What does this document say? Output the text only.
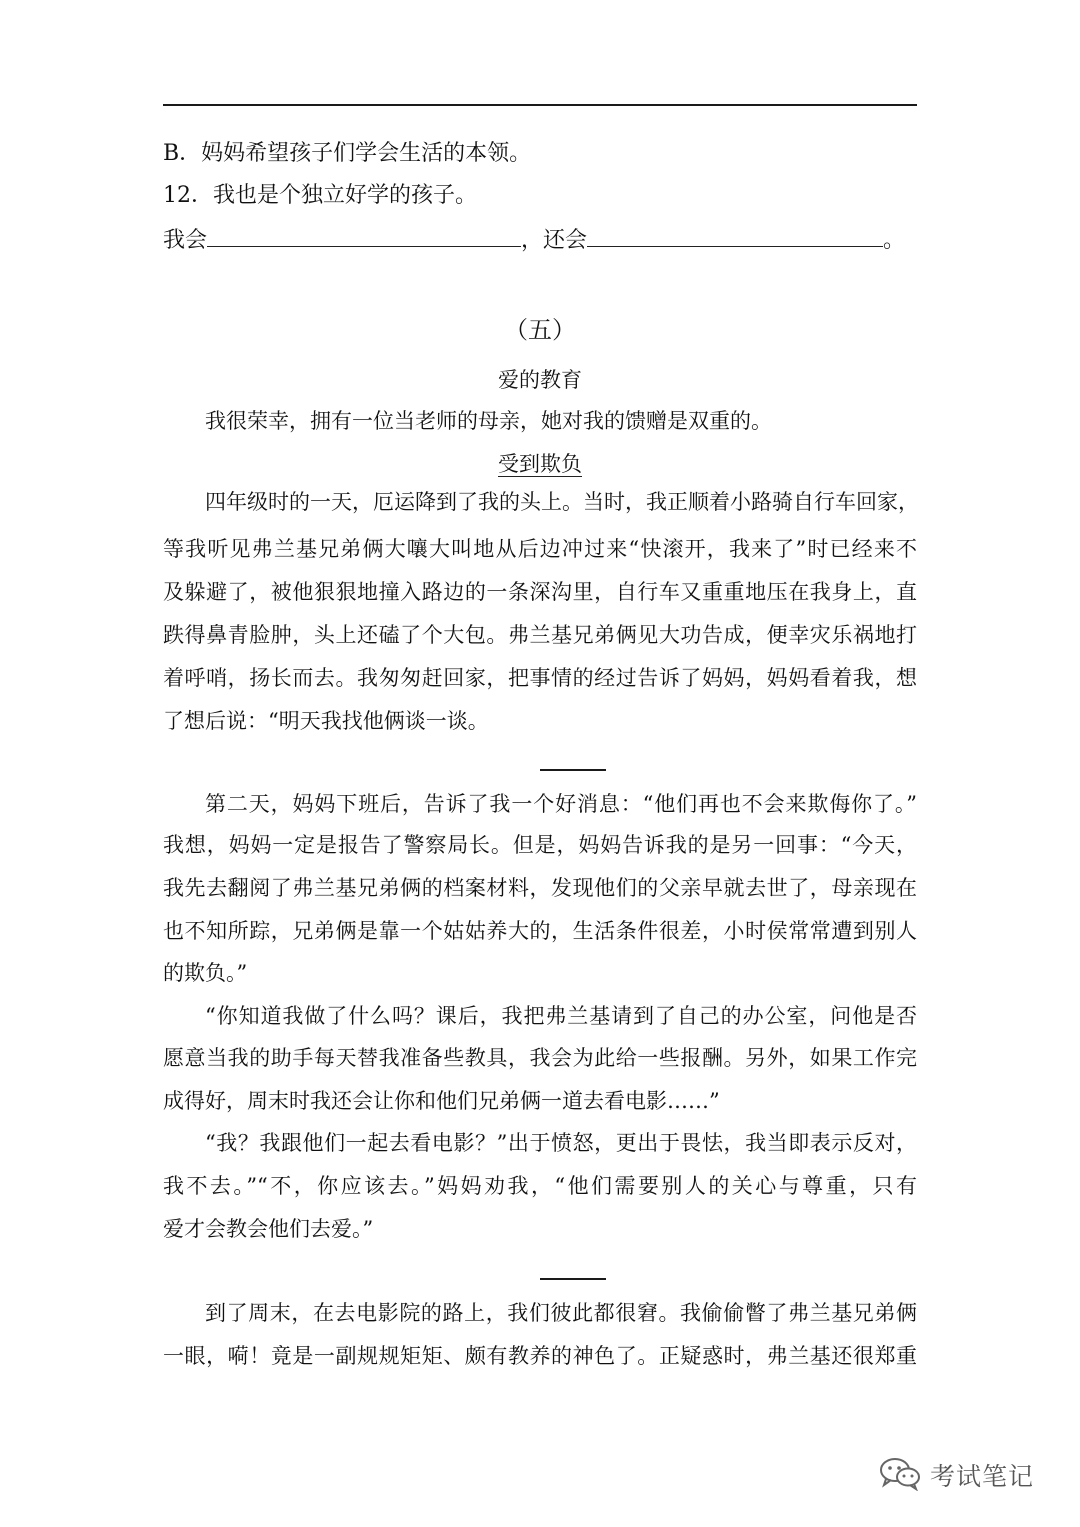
B．妈妈希望孩子们学会生活的本领。
12．我也是个独立好学的孩子。
我会	，还会	。
（五）
爱的教育
我很荣幸，拥有一位当老师的母亲，她对我的馈赠是双重的。
受到欺负
四年级时的一天，厄运降到了我的头上。当时，我正顺着小路骑自行车回家，
等我听见弗兰基兄弟俩大嚷大叫地从后边冲过来“快滚开，我来了”时已经来不
及躲避了，被他狠狠地撞入路边的一条深沟里，自行车又重重地压在我身上，直
跌得鼻青脸肿，头上还磕了个大包。弗兰基兄弟俩见大功告成，便幸灾乐祸地打
着呼哨，扬长而去。我匆匆赶回家，把事情的经过告诉了妈妈，妈妈看着我，想
了想后说：“明天我找他俩谈一谈。
第二天，妈妈下班后，告诉了我一个好消息：“他们再也不会来欺侮你了。”
我想，妈妈一定是报告了警察局长。但是，妈妈告诉我的是另一回事：“今天，
我先去翻阅了弗兰基兄弟俩的档案材料，发现他们的父亲早就去世了，母亲现在
也不知所踪，兄弟俩是靠一个姑姑养大的，生活条件很差，小时侯常常遭到别人
的欺负。”
“你知道我做了什么吗？课后，我把弗兰基请到了自己的办公室，问他是否
愿意当我的助手每天替我准备些教具，我会为此给一些报酬。另外，如果工作完
成得好，周末时我还会让你和他们兄弟俩一道去看电影……”
“我？我跟他们一起去看电影？”出于愤怒，更出于畏怯，我当即表示反对，
我不去。”“不，你应该去。”妈妈劝我，“他们需要别人的关心与尊重，只有
爱才会教会他们去爱。”
到了周末，在去电影院的路上，我们彼此都很窘。我偷偷瞥了弗兰基兄弟俩
一眼，嗬！竟是一副规规矩矩、颇有教养的神色了。正疑惑时，弗兰基还很郑重
考试笔记
